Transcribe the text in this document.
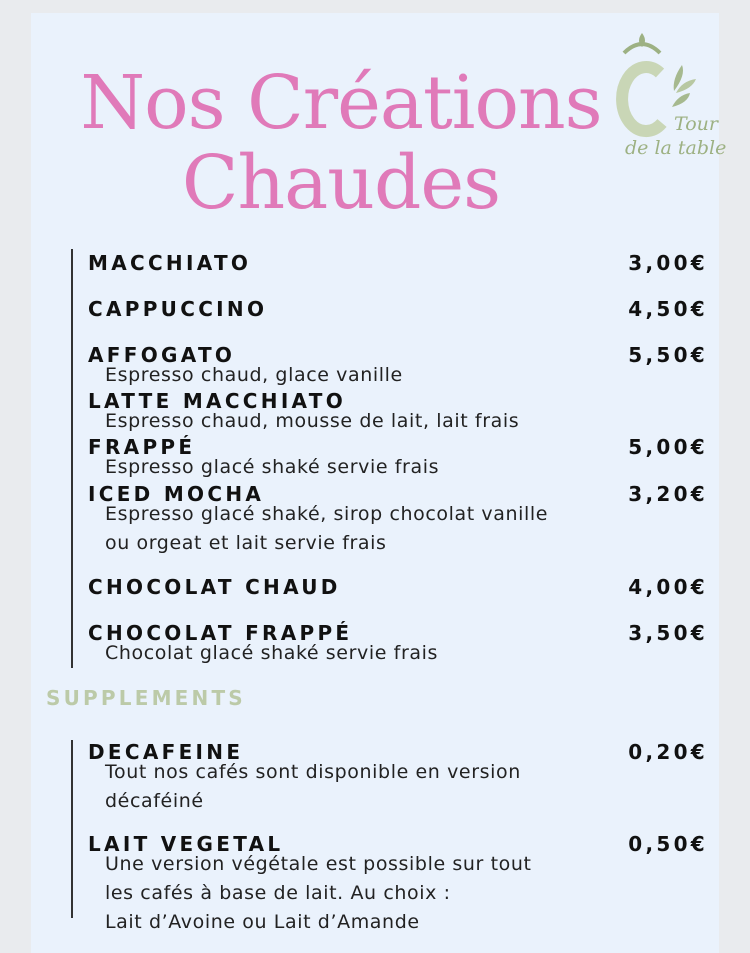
Nos Créations
Chaudes
Tour
de la table
MACCHIATO	3,00€
CAPPUCCINO	4,50€
AFFOGATO	5,50€
Espresso chaud, glace vanille
LATTE MACCHIATO
Espresso chaud, mousse de lait, lait frais
FRAPPÉ	5,00€
Espresso glacé shaké servie frais
ICED MOCHA	3,20€
Espresso glacé shaké, sirop chocolat vanille
ou orgeat et lait servie frais
CHOCOLAT CHAUD	4,00€
CHOCOLAT FRAPPÉ	3,50€
Chocolat glacé shaké servie frais
SUPPLEMENTS
DECAFEINE	0,20€
Tout nos cafés sont disponible en version
décaféiné
LAIT VEGETAL	0,50€
Une version végétale est possible sur tout
les cafés à base de lait. Au choix :
Lait d’Avoine ou Lait d’Amande
